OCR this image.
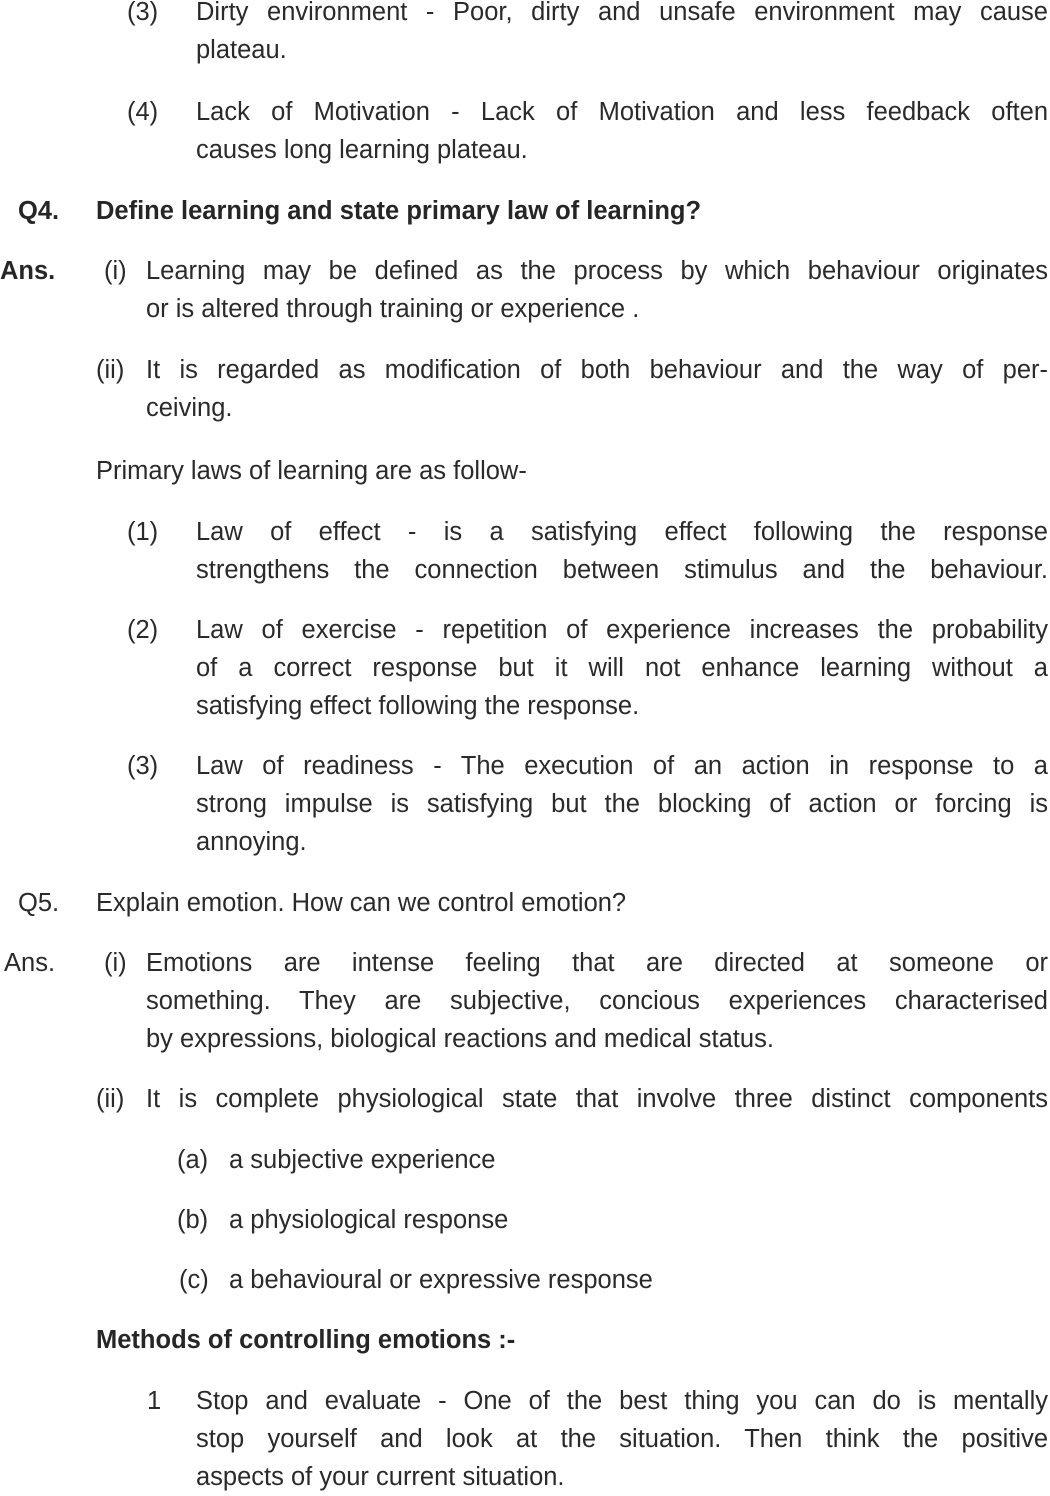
(3) Dirty environment - Poor, dirty and unsafe environment may cause
plateau.
(4) Lack of Motivation - Lack of Motivation and less feedback often
causes long learning plateau.
Q4. Define learning and state primary law of learning?
Ans. (i) Learning may be defined as the process by which behaviour originates
or is altered through training or experience .
(ii) It is regarded as modification of both behaviour and the way of per-
ceiving.
Primary laws of learning are as follow-
(1) Law of effect - is a satisfying effect following the response
strengthens the connection between stimulus and the behaviour.
(2) Law of exercise - repetition of experience increases the probability
of a correct response but it will not enhance learning without a
satisfying effect following the response.
(3) Law of readiness - The execution of an action in response to a
strong impulse is satisfying but the blocking of action or forcing is
annoying.
Q5. Explain emotion. How can we control emotion?
Ans. (i) Emotions are intense feeling that are directed at someone or
something. They are subjective, concious experiences characterised
by expressions, biological reactions and medical status.
(ii) It is complete physiological state that involve three distinct components
(a) a subjective experience
(b) a physiological response
(c) a behavioural or expressive response
Methods of controlling emotions :-
1 Stop and evaluate - One of the best thing you can do is mentally
stop yourself and look at the situation. Then think the positive
aspects of your current situation.
